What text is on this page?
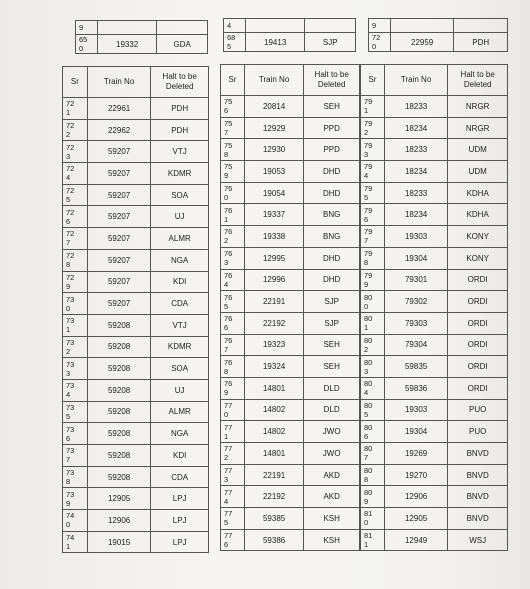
9		

65
0	19332	GDA
4		

68
5	19413	SJP
9		

72
0	22959	PDH
Sr	Train No	Halt to be Deleted

72
1	22961	PDH

72
2	22962	PDH

72
3	59207	VTJ

72
4	59207	KDMR

72
5	59207	SOA

72
6	59207	UJ

72
7	59207	ALMR

72
8	59207	NGA

72
9	59207	KDI

73
0	59207	CDA

73
1	59208	VTJ

73
2	59208	KDMR

73
3	59208	SOA

73
4	59208	UJ

73
5	59208	ALMR

73
6	59208	NGA

73
7	59208	KDI

73
8	59208	CDA

73
9	12905	LPJ

74
0	12906	LPJ

74
1	19015	LPJ
Sr	Train No	Halt to be Deleted

75
6	20814	SEH

75
7	12929	PPD

75
8	12930	PPD

75
9	19053	DHD

76
0	19054	DHD

76
1	19337	BNG

76
2	19338	BNG

76
3	12995	DHD

76
4	12996	DHD

76
5	22191	SJP

76
6	22192	SJP

76
7	19323	SEH

76
8	19324	SEH

76
9	14801	DLD

77
0	14802	DLD

77
1	14802	JWO

77
2	14801	JWO

77
3	22191	AKD

77
4	22192	AKD

77
5	59385	KSH

77
6	59386	KSH
Sr	Train No	Halt to be Deleted

79
1	18233	NRGR

79
2	18234	NRGR

79
3	18233	UDM

79
4	18234	UDM

79
5	18233	KDHA

79
6	18234	KDHA

79
7	19303	KONY

79
8	19304	KONY

79
9	79301	ORDI

80
0	79302	ORDI

80
1	79303	ORDI

80
2	79304	ORDI

80
3	59835	ORDI

80
4	59836	ORDI

80
5	19303	PUO

80
6	19304	PUO

80
7	19269	BNVD

80
8	19270	BNVD

80
9	12906	BNVD

81
0	12905	BNVD

81
1	12949	WSJ
